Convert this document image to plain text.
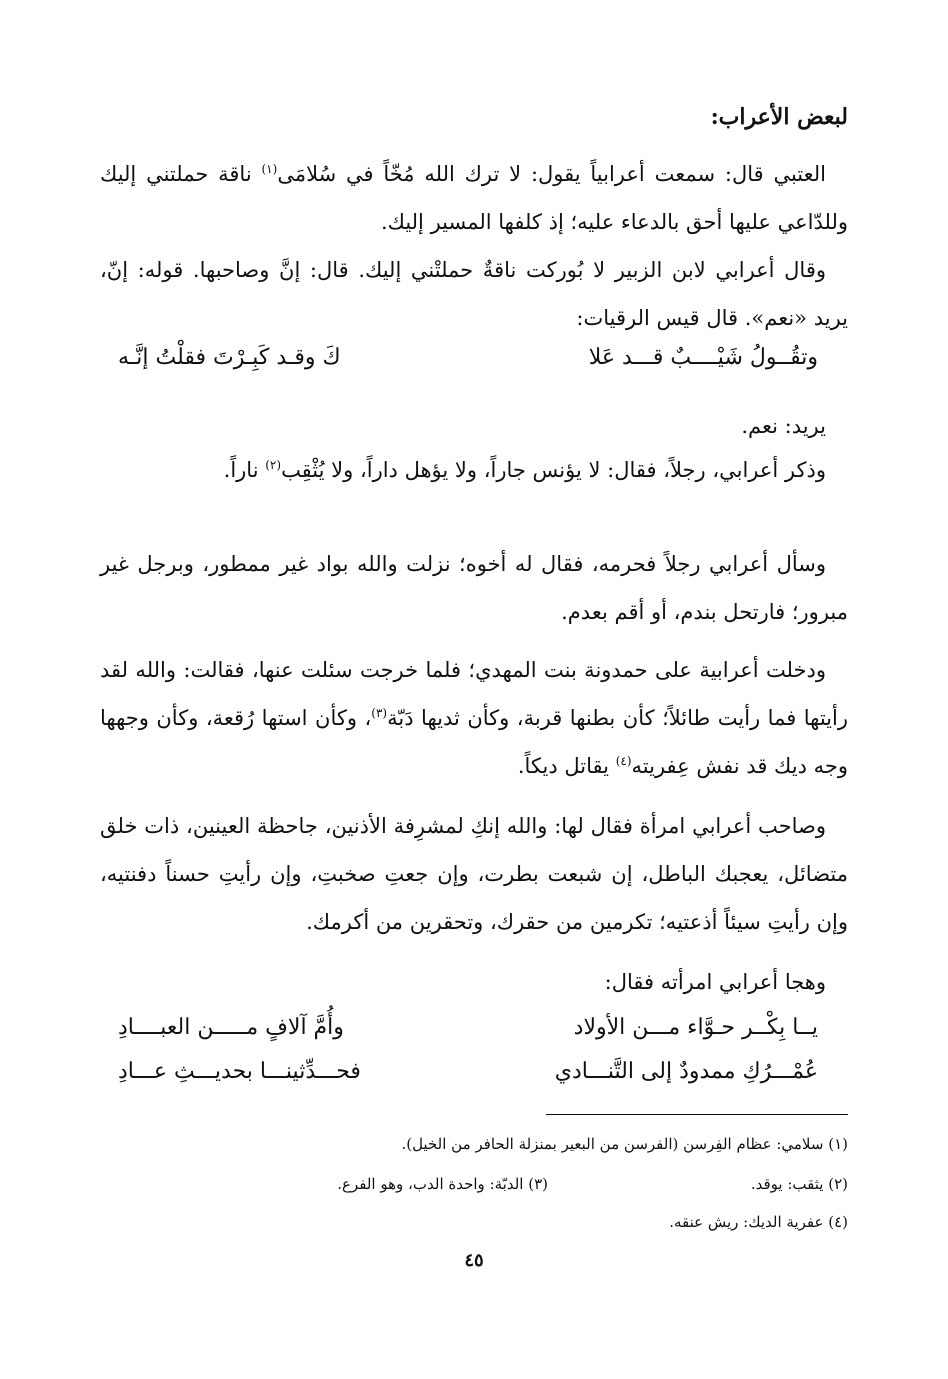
لبعض الأعراب:
العتبي قال: سمعت أعرابياً يقول: لا ترك الله مُخّاً في سُلامَى$^{(١)}$ ناقة حملتني إليك وللدّاعي عليها أحق بالدعاء عليه؛ إذ كلفها المسير إليك.
وقال أعرابي لابن الزبير لا بُوركت ناقةٌ حملتْني إليك. قال: إنَّ وصاحبها. قوله: إنّ، يريد «نعم». قال قيس الرقيات:
وتقُــولُ شَيْــــبٌ قـــد عَلا
كَ وقـد كَبِـرْتَ فقلْتُ إنَّـه
يريد: نعم.
وذكر أعرابي، رجلاً، فقال: لا يؤنس جاراً، ولا يؤهل داراً، ولا يُثْقِب$^{(٢)}$ ناراً.
وسأل أعرابي رجلاً فحرمه، فقال له أخوه؛ نزلت والله بواد غير ممطور، وبرجل غير مبرور؛ فارتحل بندم، أو أقم بعدم.
ودخلت أعرابية على حمدونة بنت المهدي؛ فلما خرجت سئلت عنها، فقالت: والله لقد رأيتها فما رأيت طائلاً؛ كأن بطنها قربة، وكأن ثديها دَبّة$^{(٣)}$، وكأن استها رُقعة، وكأن وجهها وجه ديك قد نفش عِفريته$^{(٤)}$ يقاتل ديكاً.
وصاحب أعرابي امرأة فقال لها: والله إنكِ لمشرِفة الأذنين، جاحظة العينين، ذات خلق متضائل، يعجبك الباطل، إن شبعت بطرت، وإن جعتِ صخبتِ، وإن رأيتِ حسناً دفنتيه، وإن رأيتِ سيئاً أذعتيه؛ تكرمين من حقرك، وتحقرين من أكرمك.
وهجا أعرابي امرأته فقال:
يــا بِكْــر حـوَّاء مـــن الأولاد
وأُمَّ آلافٍ مـــــن العبــــادِ
عُمْـــرُكِ ممدودٌ إلى التَّنـــادي
فحـــدِّثينـــا بحديـــثِ عـــادِ
(١) سلامي: عظام الفِرسن (الفرسن من البعير بمنزلة الحافر من الخيل).
(٢) يثقب: يوقد.
(٣) الدبّة: واحدة الدب، وهو الفرع.
(٤) عفرية الديك: ريش عنقه.
٤٥
